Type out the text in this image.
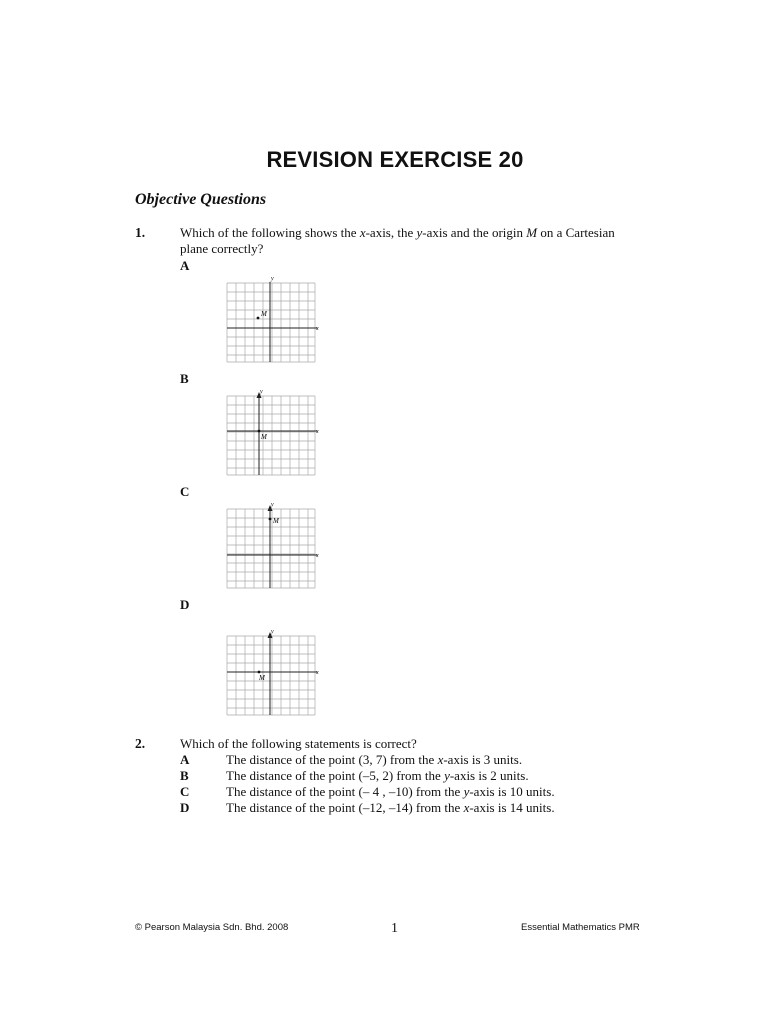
REVISION EXERCISE 20
Objective Questions
1.	Which of the following shows the x-axis, the y-axis and the origin M on a Cartesian
plane correctly?
A
y
x
M
B
y
x
M
C
y
x
M
D
y
x
M
2.	Which of the following statements is correct?
A	The distance of the point (3, 7) from the x-axis is 3 units.
B	The distance of the point (–5, 2) from the y-axis is 2 units.
C	The distance of the point (– 4 , –10) from the y-axis is 10 units.
D	The distance of the point (–12, –14) from the x-axis is 14 units.
© Pearson Malaysia Sdn. Bhd. 2008	1	Essential Mathematics PMR
